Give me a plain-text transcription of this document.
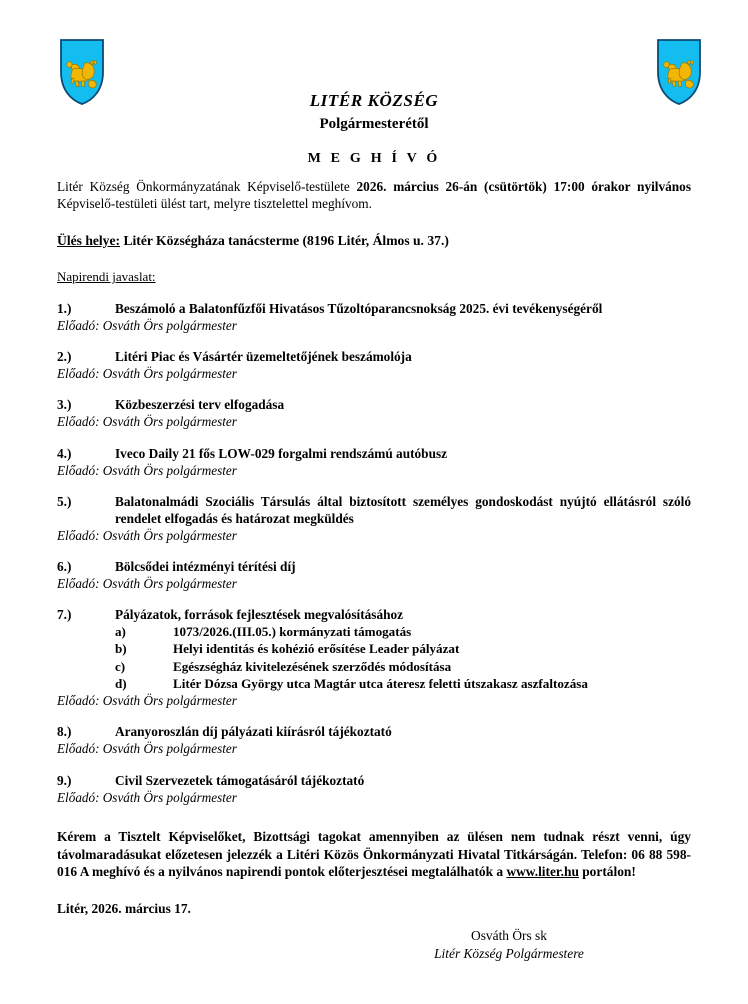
LITÉR KÖZSÉG
Polgármesterétől
M E G H Í V Ó

Litér Község Önkormányzatának Képviselő-testülete 2026. március 26-án (csütörtök) 17:00 órakor nyilvános Képviselő-testületi ülést tart, melyre tisztelettel meghívom.

Ülés helye: Litér Községháza tanácsterme (8196 Litér, Álmos u. 37.)

Napirendi javaslat:

1.)	Beszámoló a Balatonfűzfői Hivatásos Tűzoltóparancsnokság 2025. évi tevékenységéről
Előadó: Osváth Örs polgármester
2.)	Litéri Piac és Vásártér üzemeltetőjének beszámolója
Előadó: Osváth Örs polgármester
3.)	Közbeszerzési terv elfogadása
Előadó: Osváth Örs polgármester
4.)	Iveco Daily 21 fős LOW-029 forgalmi rendszámú autóbusz
Előadó: Osváth Örs polgármester
5.)	Balatonalmádi Szociális Társulás által biztosított személyes gondoskodást nyújtó ellátásról szóló rendelet elfogadás és határozat megküldés
Előadó: Osváth Örs polgármester
6.)	Bölcsődei intézményi térítési díj
Előadó: Osváth Örs polgármester
7.)	Pályázatok, források fejlesztések megvalósításához
a)	1073/2026.(III.05.) kormányzati támogatás
b)	Helyi identitás és kohézió erősítése Leader pályázat
c)	Egészségház kivitelezésének szerződés módosítása
d)	Litér Dózsa György utca Magtár utca áteresz feletti útszakasz aszfaltozása
Előadó: Osváth Örs polgármester
8.)	Aranyoroszlán díj pályázati kiírásról tájékoztató
Előadó: Osváth Örs polgármester
9.)	Civil Szervezetek támogatásáról tájékoztató
Előadó: Osváth Örs polgármester

Kérem a Tisztelt Képviselőket, Bizottsági tagokat amennyiben az ülésen nem tudnak részt venni, úgy távolmaradásukat előzetesen jelezzék a Litéri Közös Önkormányzati Hivatal Titkárságán. Telefon: 06 88 598-016 A meghívó és a nyilvános napirendi pontok előterjesztései megtalálhatók a www.liter.hu portálon!

Litér, 2026. március 17.

Osváth Örs sk
Litér Község Polgármestere
